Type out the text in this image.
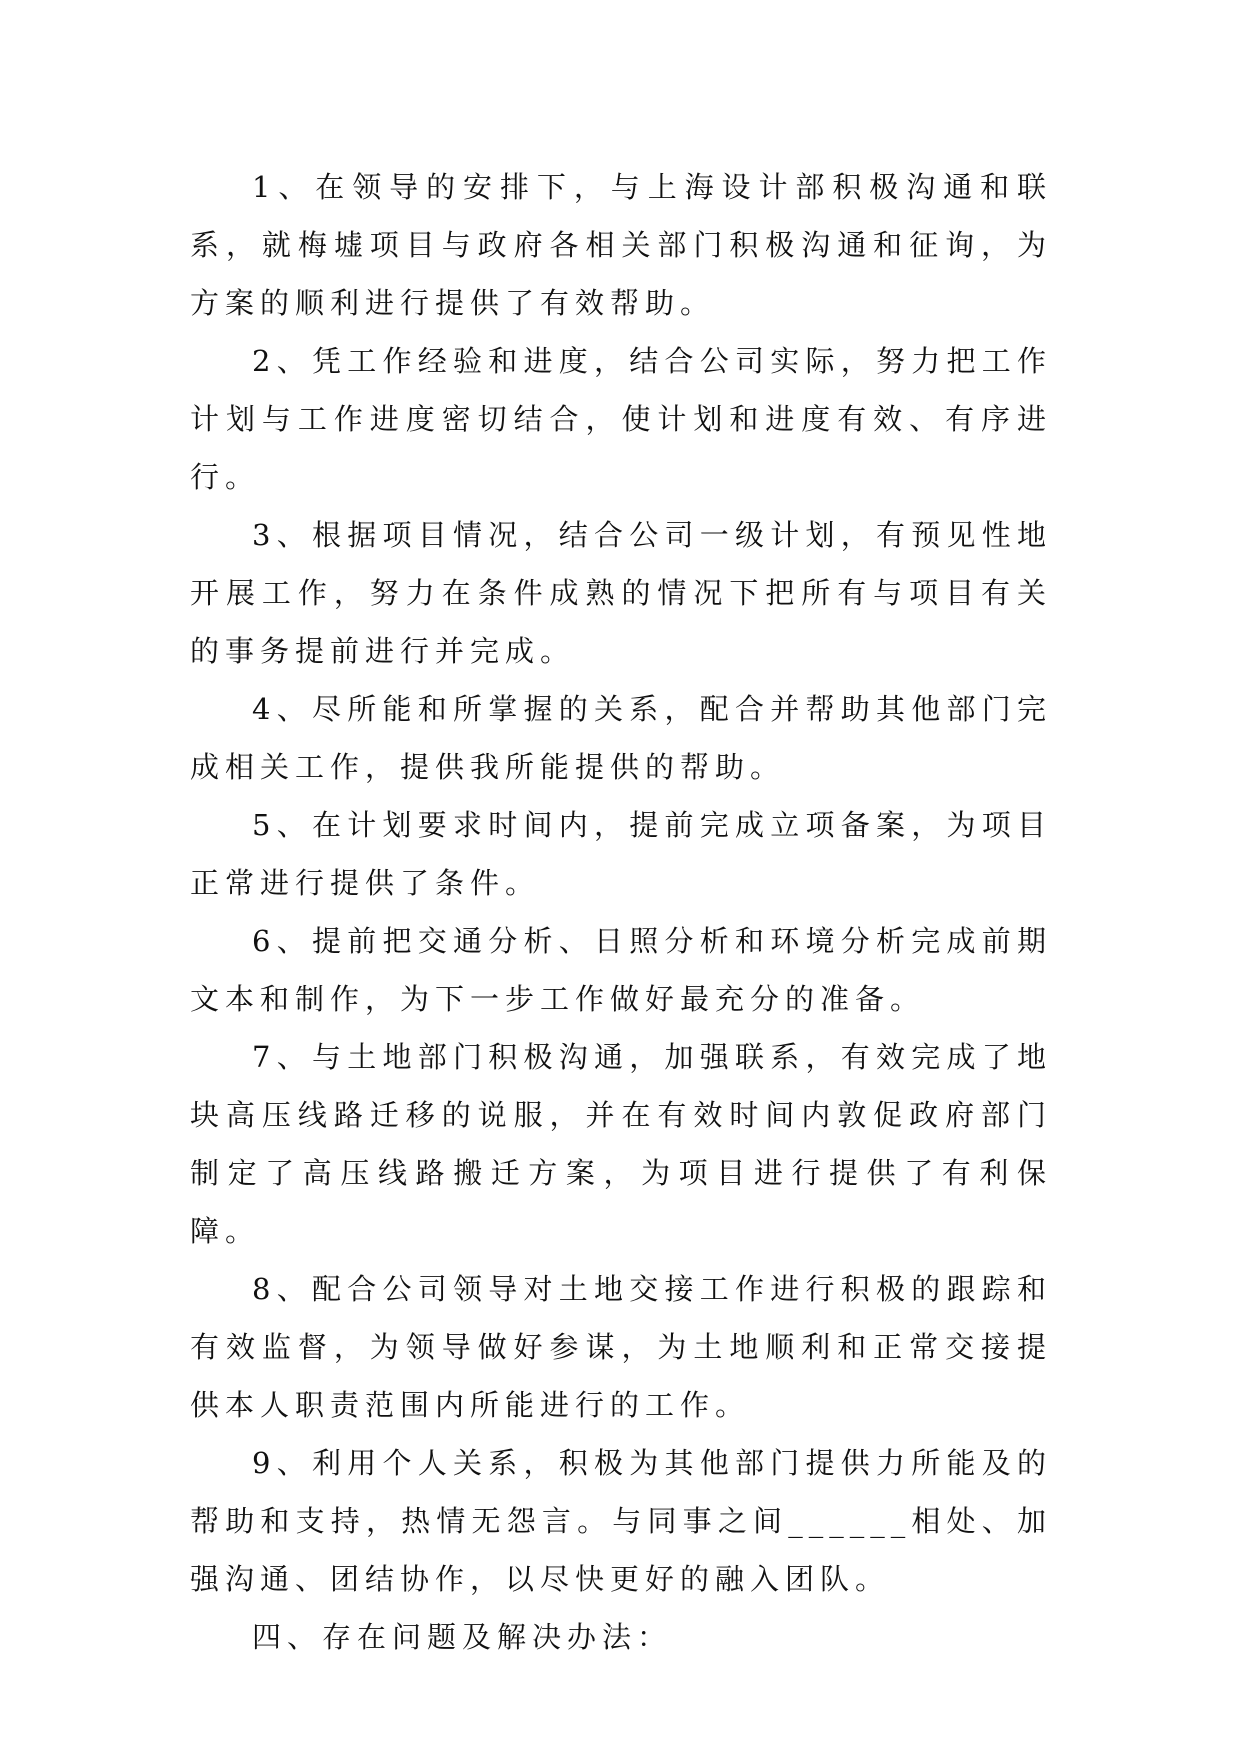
1、在领导的安排下，与上海设计部积极沟通和联系，就梅墟项目与政府各相关部门积极沟通和征询，为方案的顺利进行提供了有效帮助。

2、凭工作经验和进度，结合公司实际，努力把工作计划与工作进度密切结合，使计划和进度有效、有序进行。

3、根据项目情况，结合公司一级计划，有预见性地开展工作，努力在条件成熟的情况下把所有与项目有关的事务提前进行并完成。

4、尽所能和所掌握的关系，配合并帮助其他部门完成相关工作，提供我所能提供的帮助。

5、在计划要求时间内，提前完成立项备案，为项目正常进行提供了条件。

6、提前把交通分析、日照分析和环境分析完成前期文本和制作，为下一步工作做好最充分的准备。

7、与土地部门积极沟通，加强联系，有效完成了地块高压线路迁移的说服，并在有效时间内敦促政府部门制定了高压线路搬迁方案，为项目进行提供了有利保障。

8、配合公司领导对土地交接工作进行积极的跟踪和有效监督，为领导做好参谋，为土地顺利和正常交接提供本人职责范围内所能进行的工作。

9、利用个人关系，积极为其他部门提供力所能及的帮助和支持，热情无怨言。与同事之间______相处、加强沟通、团结协作，以尽快更好的融入团队。

四、存在问题及解决办法：
